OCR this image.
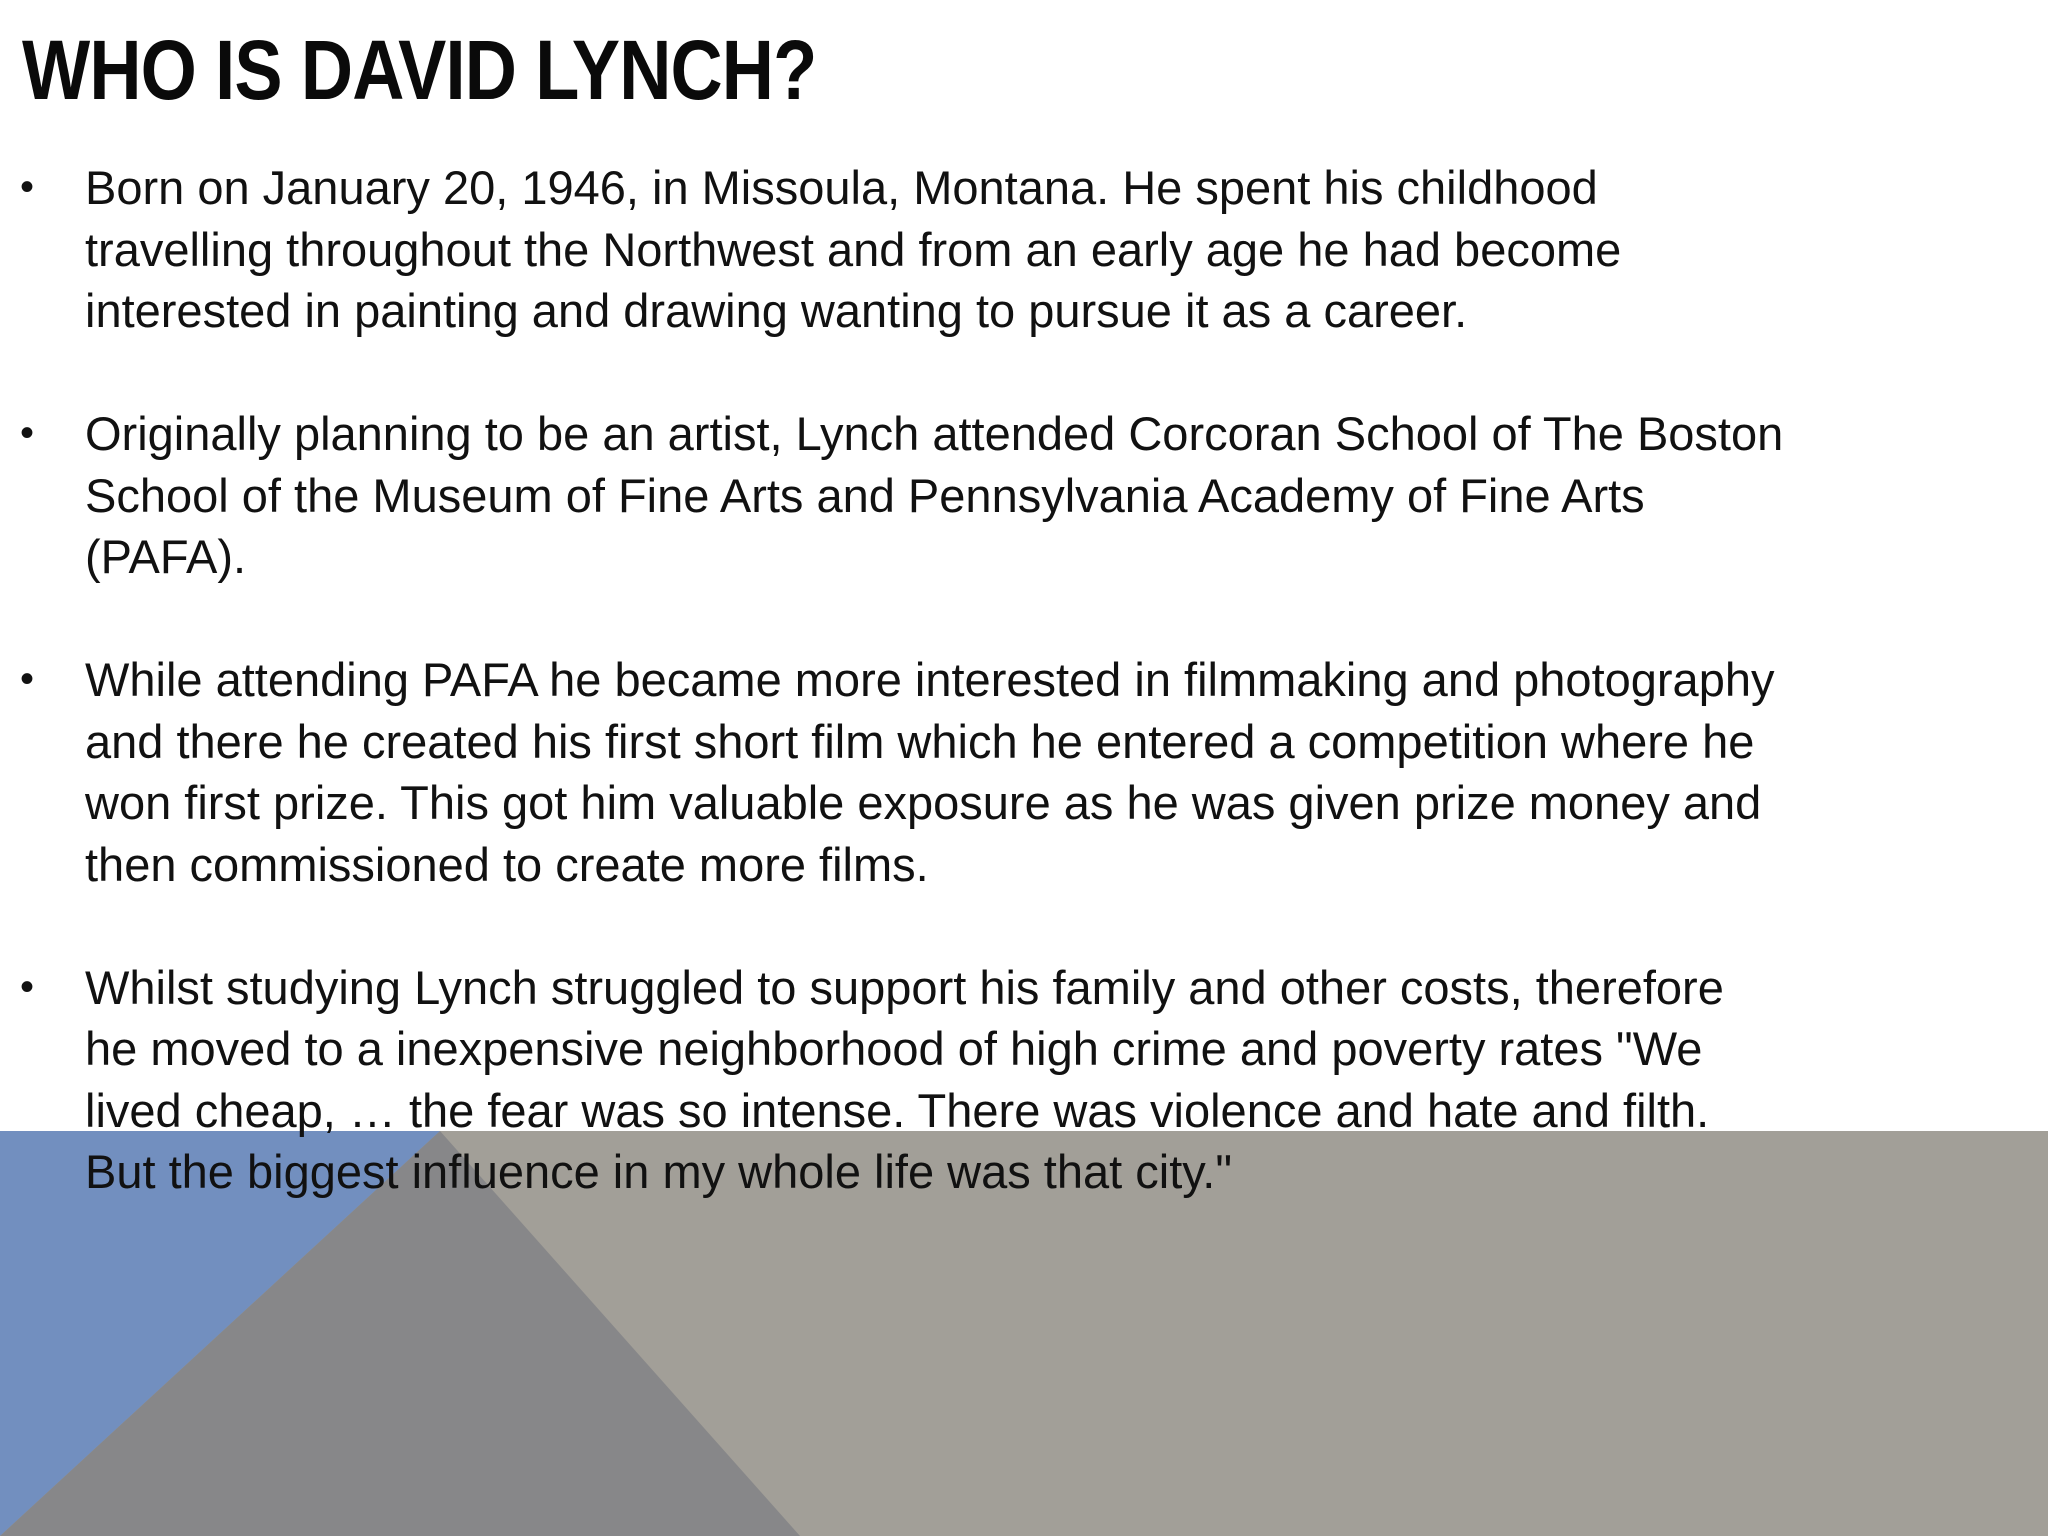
WHO IS DAVID LYNCH?
• Born on January 20, 1946, in Missoula, Montana. He spent his childhood
travelling throughout the Northwest and from an early age he had become
interested in painting and drawing wanting to pursue it as a career.
• Originally planning to be an artist, Lynch attended Corcoran School of The Boston
School of the Museum of Fine Arts and Pennsylvania Academy of Fine Arts
(PAFA).
• While attending PAFA he became more interested in filmmaking and photography
and there he created his first short film which he entered a competition where he
won first prize. This got him valuable exposure as he was given prize money and
then commissioned to create more films.
• Whilst studying Lynch struggled to support his family and other costs, therefore
he moved to a inexpensive neighborhood of high crime and poverty rates "We
lived cheap, … the fear was so intense. There was violence and hate and filth.
But the biggest influence in my whole life was that city."
